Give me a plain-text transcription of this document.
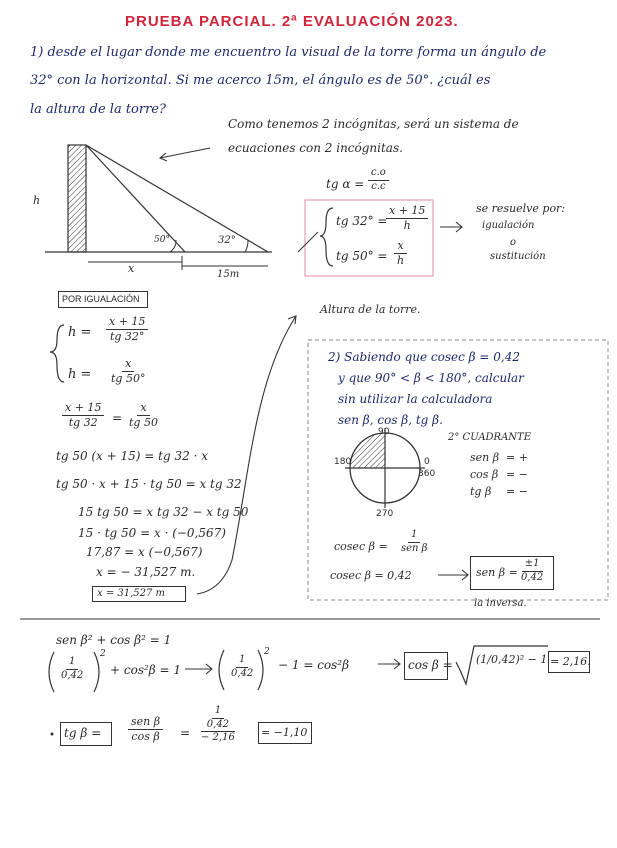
PRUEBA PARCIAL. 2ª EVALUACIÓN 2023.
1) desde el lugar donde me encuentro la visual de la torre forma un ángulo de
32° con la horizontal. Si me acerco 15m, el ángulo es de 50°. ¿cuál es
la altura de la torre?
h
50°	32°
x	15m
Como tenemos 2 incógnitas, será un sistema de
ecuaciones con 2 incógnitas.
tg $\alpha = \frac{c.o}{c.c}$
tg 32° =
$\frac{x + 15}{h}$
tg $50^\circ = \frac{x}{h}$
se resuelve por:
igualación
o
sustitución
POR IGUALACIÓN
$h = \frac{x + 15}{tg 32^\circ}$
$h = \frac{x}{tg 50^\circ}$
$\frac{x + 15}{tg 32} = \frac{x}{tg 50}$
tg 50 (x + 15) = tg 32 · x
tg 50 · x + 15 · tg 50 = x tg 32
15 tg 50 = x tg 32 − x tg 50
15 · tg 50 = x · (−0,567)
17,87 = x (−0,567)
x = − 31,527 m.
x = 31,527 m
Altura de la torre.
2) Sabiendo que cosec β = 0,42
y que 90° < β < 180°, calcular
sin utilizar la calculadora
sen β, cos β, tg β.
90
180	0
360
270
2° CUADRANTE
sen β = +
cos β = −
tg β = −
cosec β =
1
sen β
cosec β = 0,42	sen $\beta = \frac{\pm 1}{0,42}$
la inversa.
sen β² + cos β² = 1
$\frac{1}{0,42}$
2
+ cos²β = 1	$\frac{1}{0,42}$
2
− 1 = cos²β	cos β = (1/0,42)² − 1 = 2,16.
tg β =
sen β
$\cos \beta = \frac{\frac{1}{0,42}}{- 2,16} = -1,10$
